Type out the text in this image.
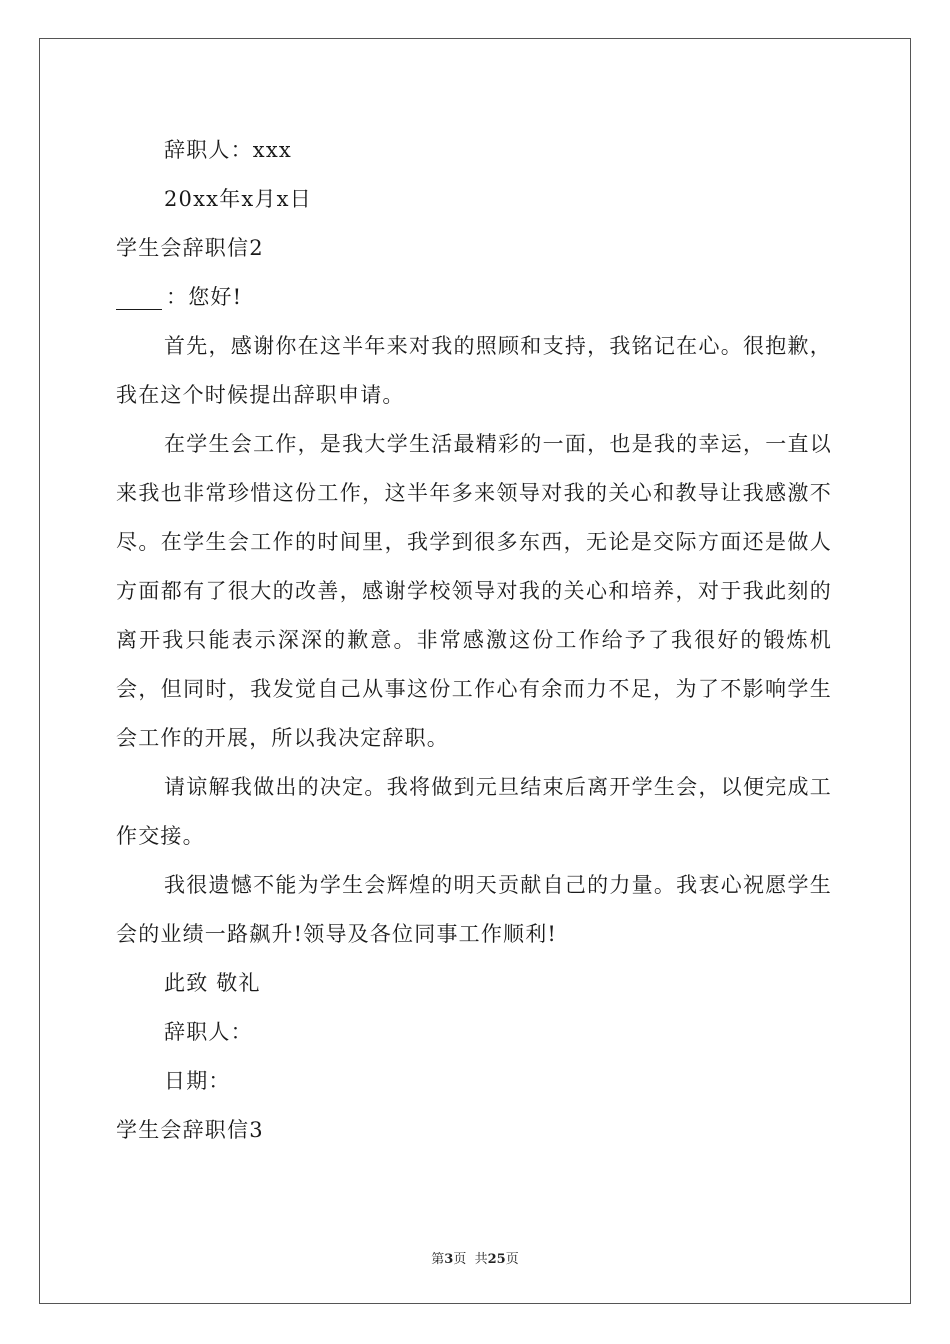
辞职人：xxx
20xx年x月x日
学生会辞职信2
：您好!

首先，感谢你在这半年来对我的照顾和支持，我铭记在心。很抱歉，我在这个时候提出辞职申请。

在学生会工作，是我大学生活最精彩的一面，也是我的幸运，一直以来我也非常珍惜这份工作，这半年多来领导对我的关心和教导让我感激不尽。在学生会工作的时间里，我学到很多东西，无论是交际方面还是做人方面都有了很大的改善，感谢学校领导对我的关心和培养，对于我此刻的离开我只能表示深深的歉意。非常感激这份工作给予了我很好的锻炼机会，但同时，我发觉自己从事这份工作心有余而力不足，为了不影响学生会工作的开展，所以我决定辞职。

请谅解我做出的决定。我将做到元旦结束后离开学生会，以便完成工作交接。

我很遗憾不能为学生会辉煌的明天贡献自己的力量。我衷心祝愿学生会的业绩一路飙升!领导及各位同事工作顺利!

此致 敬礼
辞职人：
日期：
学生会辞职信3
第3页  共25页
